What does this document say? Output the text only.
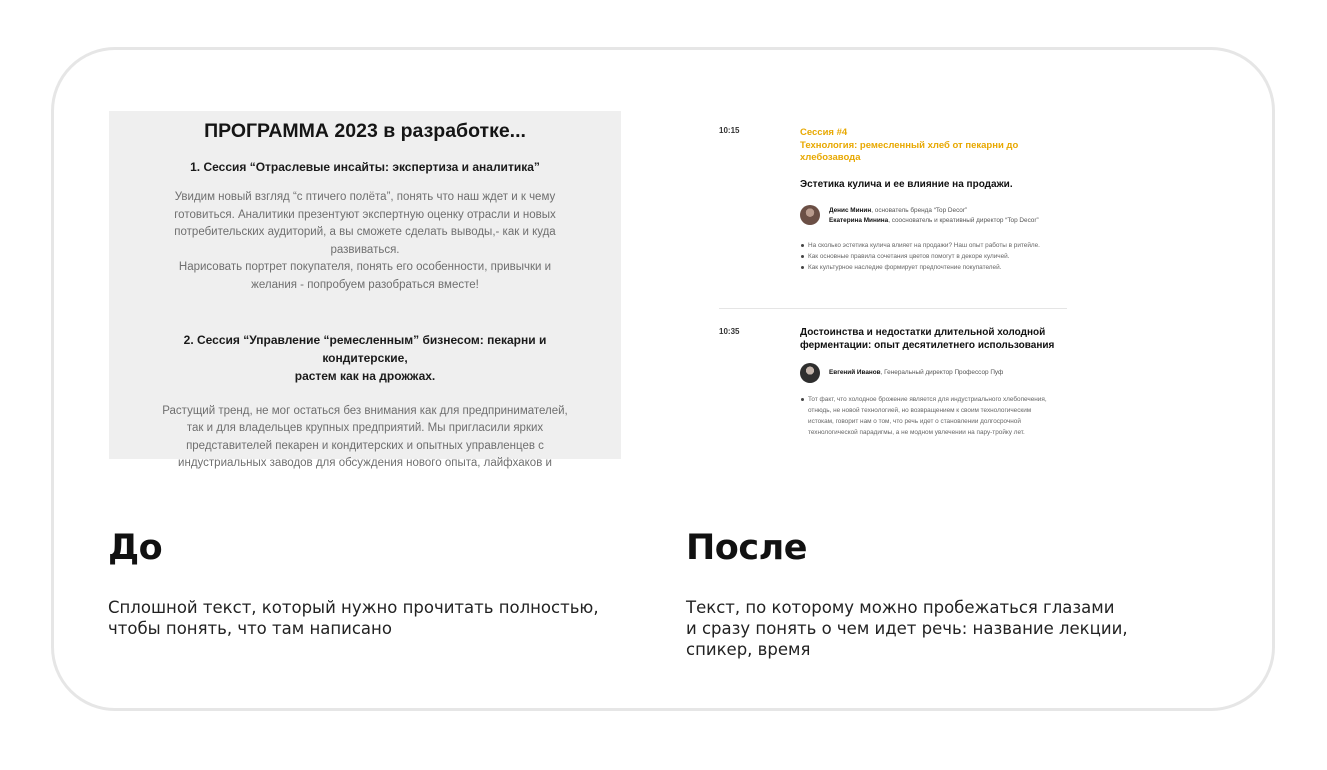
ПРОГРАММА 2023 в разработке...
1. Сессия “Отраслевые инсайты: экспертиза и аналитика”
Увидим новый взгляд “с птичего полёта”, понять что наш ждет и к чему
готовиться. Аналитики презентуют экспертную оценку отрасли и новых
потребительских аудиторий, а вы сможете сделать выводы,- как и куда
развиваться.
Нарисовать портрет покупателя, понять его особенности, привычки и
желания - попробуем разобраться вместе!
2. Сессия “Управление “ремесленным” бизнесом: пекарни и кондитерские,
растем как на дрожжах.
Растущий тренд, не мог остаться без внимания как для предпринимателей,
так и для владельцев крупных предприятий. Мы пригласили ярких
представителей пекарен и кондитерских и опытных управленцев с
индустриальных заводов для обсуждения нового опыта, лайфхаков и
10:15	Сессия #4
Технология: ремесленный хлеб от пекарни до
хлебозавода
Эстетика кулича и ее влияние на продажи.
Денис Минин, основатель бренда “Top Decor”
Екатерина Минина, сооснователь и креативный директор “Top Decor”
На сколько эстетика кулича влияет на продажи? Наш опыт работы в ритейле.
Как основные правила сочетания цветов помогут в декоре куличей.
Как культурное наследие формирует предпочтение покупателей.
10:35	Достоинства и недостатки длительной холодной
ферментации: опыт десятилетнего использования
Евгений Иванов, Генеральный директор Профессор Пуф
Тот факт, что холодное брожение является для индустриального хлебопечения, отнюдь, не новой технологией, но возвращением к своим технологическим истокам, говорит нам о том, что речь идет о становлении долгосрочной технологической парадигмы, а не модном увлечении на пару-тройку лет.
До
Сплошной текст, который нужно прочитать полностью,
чтобы понять, что там написано
После
Текст, по которому можно пробежаться глазами
и сразу понять о чем идет речь: название лекции,
спикер, время
